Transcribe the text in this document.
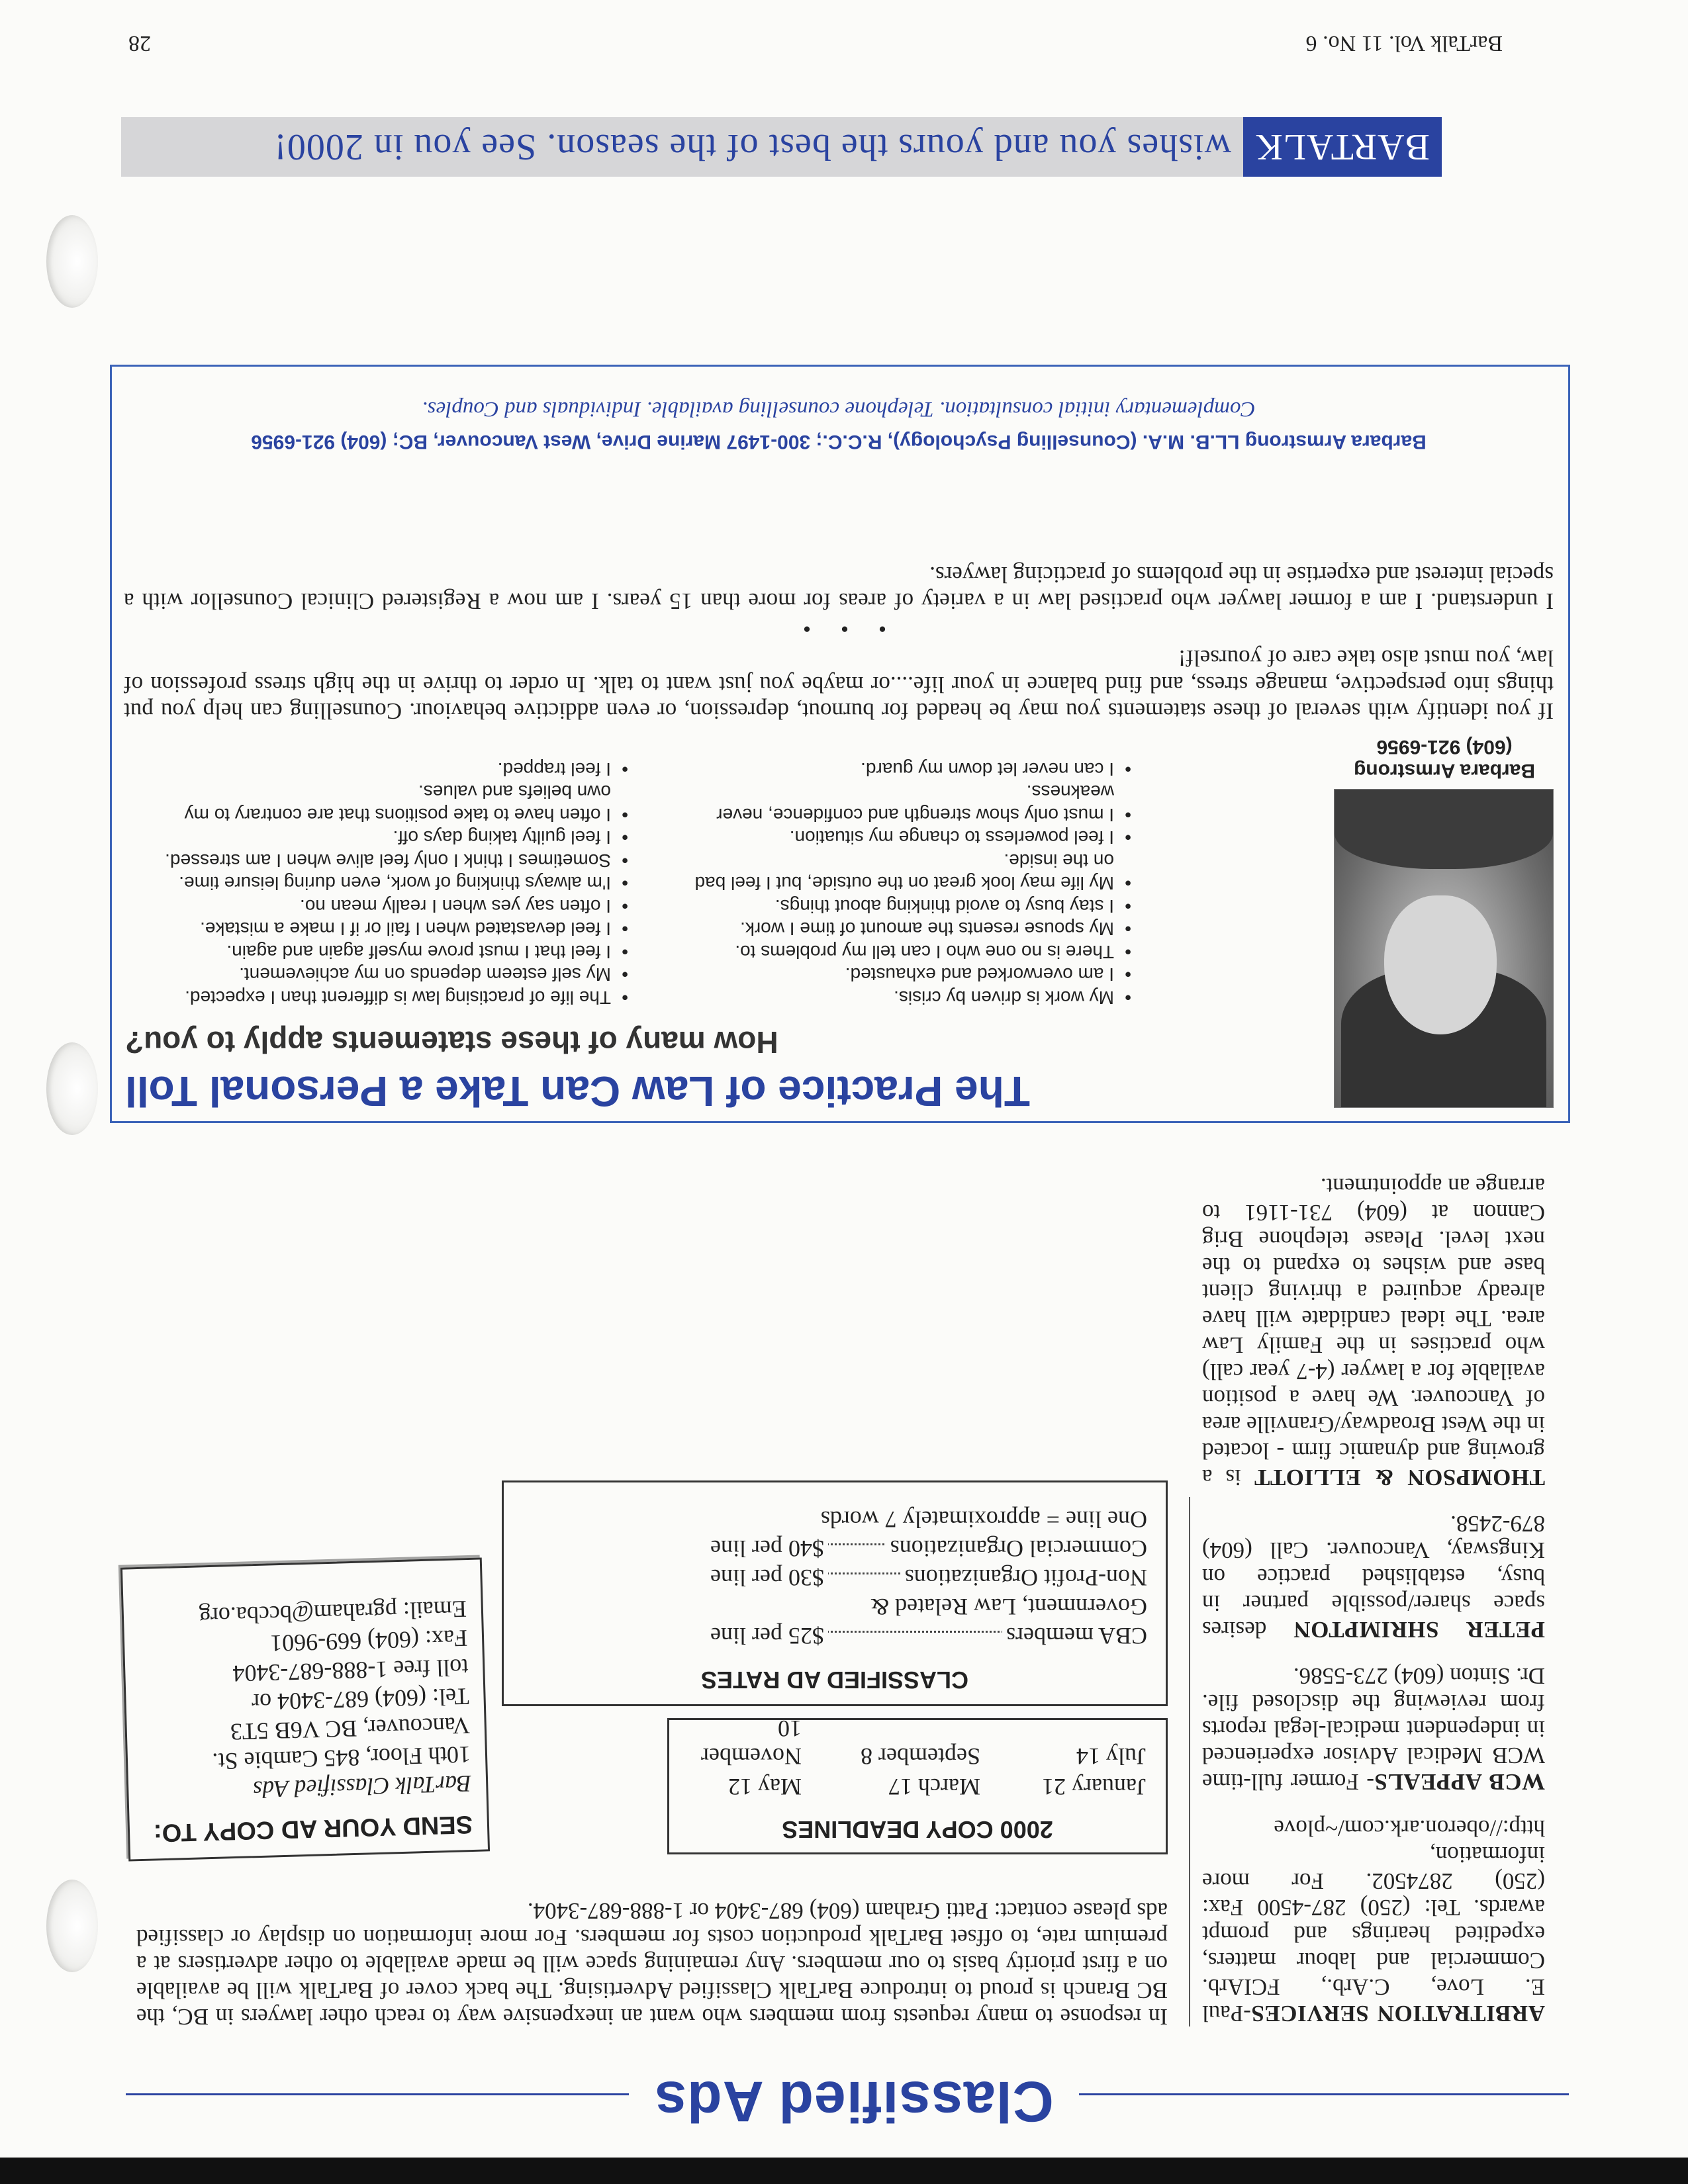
Classified Ads

ARBITRATION SERVICES-Paul E. Love, C.Arb., FCIArb. Commercial and labour matters, expedited hearings and prompt awards. Tel: (250) 287-4500 Fax: (250) 2874502. For more information, http://oberon.ark.com/~plove

WCB APPEALS- Former full-time WCB Medical Advisor experienced in independent medical-legal reports from reviewing the disclosed file. Dr. Sinton (604) 273-5586.

PETER SHRIMPTON desires space sharer/possible partner in busy, established practice on Kingsway, Vancouver. Call (604) 879-2458.

THOMPSON & ELLIOTT is a growing and dynamic firm - located in the West Broadway/Granville area of Vancouver. We have a position available for a lawyer (4-7 year call) who practises in the Family Law area. The ideal candidate will have already acquired a thriving client base and wishes to expand to the next level. Please telephone Brig Cannon at (604) 731-1161 to arrange an appointment.

In response to many requests from members who want an inexpensive way to reach other lawyers in BC, the BC Branch is proud to introduce BarTalk Classified Advertising. The back cover of BarTalk will be available on a first priority basis to our members. Any remaining space will be made available to other advertisers at a premium rate, to offset BarTalk production costs for members. For more information on display or classified ads please contact: Patti Graham (604) 687-3404 or 1-888-687-3404.
2000 COPY DEADLINES
January 21
March 17
May 12
July 14
September 8
November 10
CLASSIFIED AD RATES
CBA members
$25 per line
Government, Law Related &
Non-Profit Organizations
$30 per line
Commercial Organizations
$40 per line
One line = approximately 7 words
SEND YOUR AD COPY TO:
BarTalk Classified Ads
10th Floor, 845 Cambie St.
Vancouver, BC V6B 5T3
Tel: (604) 687-3404 or
toll free 1-888-687-3404
Fax: (604) 669-9601
Email: pgraham@bccba.org
Barbara Armstrong
(604) 921-6956
The Practice of Law Can Take a Personal Toll
How many of these statements apply to you?
• The life of practising law is different than I expected.
• My self esteem depends on my achievement.
• I feel that I must prove myself again and again.
• I feel devastated when I fail or if I make a mistake.
• I often say yes when I really mean no.
• I'm always thinking of work, even during leisure time.
• Sometimes I think I only feel alive when I am stressed.
• I feel guilty taking days off.
• I often have to take positions that are contrary to my
own beliefs and values.
• I feel trapped.
• My work is driven by crisis.
• I am overworked and exhausted.
• There is no one who I can tell my problems to.
• My spouse resents the amount of time I work.
• I stay busy to avoid thinking about things.
• My life may look great on the outside, but I feel bad
on the inside.
• I feel powerless to change my situation.
• I must only show strength and confidence, never
weakness.
• I can never let down my guard.

If you identify with several of these statements you may be headed for burnout, depression, or even addictive behaviour. Counselling can help you put things into perspective, manage stress, and find balance in your life....or maybe you just want to talk. In order to thrive in the high stress profession of law, you must also take care of yourself!

• • •

I understand. I am a former lawyer who practised law in a variety of areas for more than 15 years. I am now a Registered Clinical Counsellor with a special interest and expertise in the problems of practicing lawyers.

Barbara Armstrong LL.B. M.A. (Counselling Psychology), R.C.C.; 300-1497 Marine Drive, West Vancouver, BC; (604) 921-6956
Complementary initial consultation. Telephone counselling available. Individuals and Couples.
BARTALK
wishes you and yours the best of the season. See you in 2000!
28	BarTalk Vol. 11 No. 6
